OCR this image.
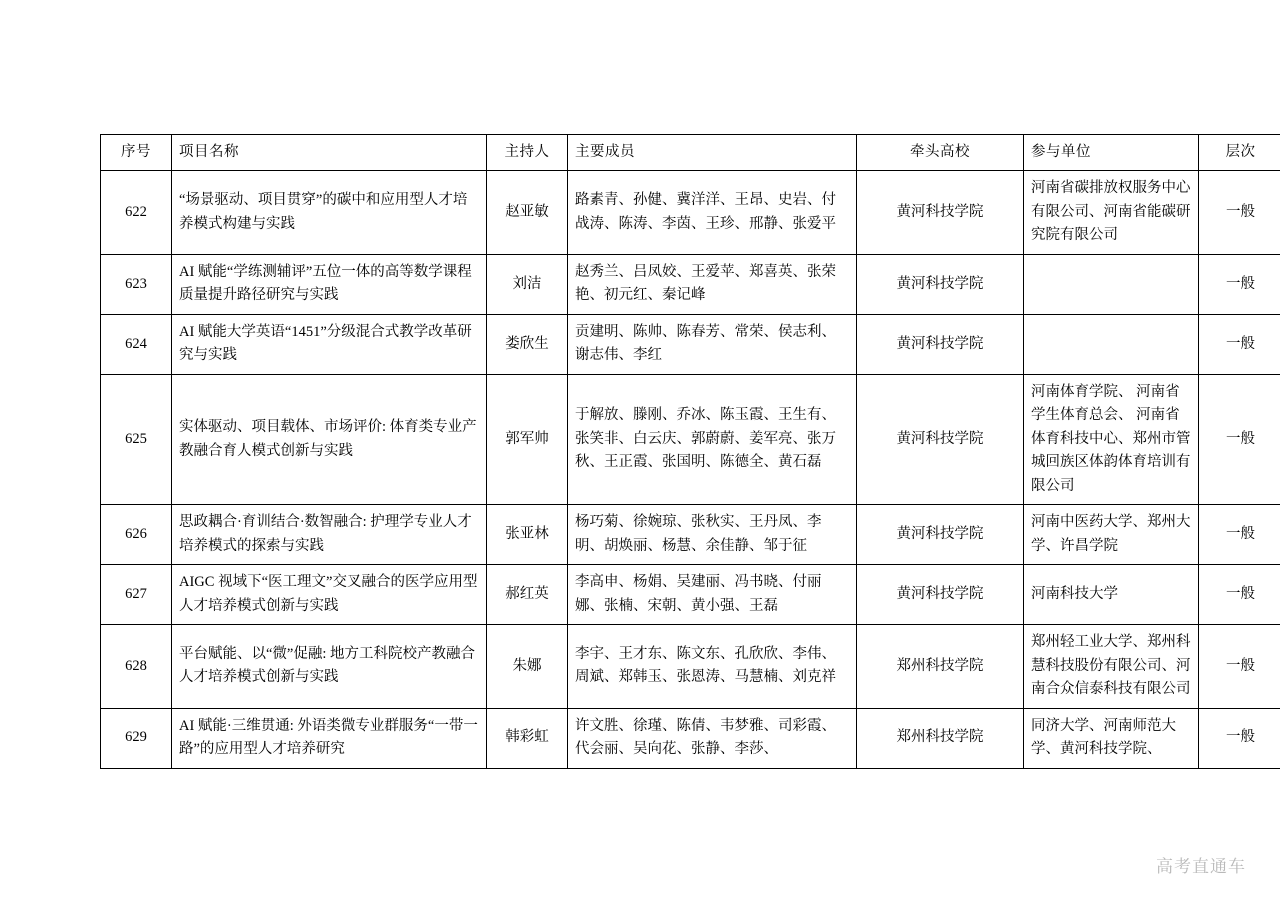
序号	项目名称	主持人	主要成员	牵头高校	参与单位	层次
622	“场景驱动、项目贯穿”的碳中和应用型人才培养模式构建与实践	赵亚敏	路素青、孙健、冀洋洋、王昂、史岩、付战涛、陈涛、李茵、王珍、邢静、张爱平	黄河科技学院	河南省碳排放权服务中心有限公司、河南省能碳研究院有限公司	一般
623	AI 赋能“学练测辅评”五位一体的高等数学课程质量提升路径研究与实践	刘洁	赵秀兰、吕凤姣、王爱苹、郑喜英、张荣艳、初元红、秦记峰	黄河科技学院		一般
624	AI 赋能大学英语“1451”分级混合式教学改革研究与实践	娄欣生	贡建明、陈帅、陈春芳、常荣、侯志利、谢志伟、李红	黄河科技学院		一般
625	实体驱动、项目载体、市场评价: 体育类专业产教融合育人模式创新与实践	郭军帅	于解放、滕刚、乔冰、陈玉霞、王生有、张笑非、白云庆、郭蔚蔚、姜军亮、张万秋、王正霞、张国明、陈德全、黄石磊	黄河科技学院	河南体育学院、 河南省学生体育总会、 河南省体育科技中心、郑州市管城回族区体韵体育培训有限公司	一般
626	思政耦合·育训结合·数智融合: 护理学专业人才培养模式的探索与实践	张亚林	杨巧菊、徐婉琼、张秋实、王丹凤、李明、胡焕丽、杨慧、余佳静、邹于征	黄河科技学院	河南中医药大学、郑州大学、许昌学院	一般
627	AIGC 视域下“医工理文”交叉融合的医学应用型人才培养模式创新与实践	郝红英	李高申、杨娟、吴建丽、冯书晓、付丽娜、张楠、宋朝、黄小强、王磊	黄河科技学院	河南科技大学	一般
628	平台赋能、以“微”促融: 地方工科院校产教融合人才培养模式创新与实践	朱娜	李宇、王才东、陈文东、孔欣欣、李伟、周斌、郑韩玉、张恩涛、马慧楠、刘克祥	郑州科技学院	郑州轻工业大学、郑州科慧科技股份有限公司、河南合众信泰科技有限公司	一般
629	AI 赋能·三维贯通: 外语类微专业群服务“一带一路”的应用型人才培养研究	韩彩虹	许文胜、徐瑾、陈倩、韦梦雅、司彩霞、代会丽、吴向花、张静、李莎、	郑州科技学院	同济大学、河南师范大学、黄河科技学院、	一般
高考直通车
